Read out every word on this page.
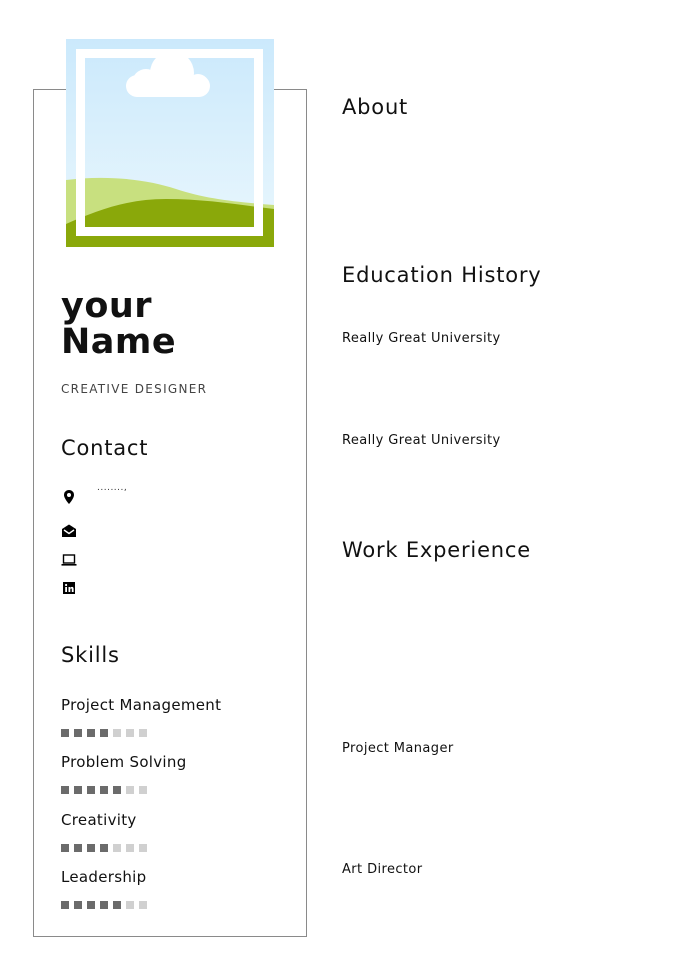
your
Name
CREATIVE DESIGNER
Contact
........,
Skills
Project Management
Problem Solving
Creativity
Leadership
About
Education History
Really Great University
Really Great University
Work Experience
Project Manager
Art Director
